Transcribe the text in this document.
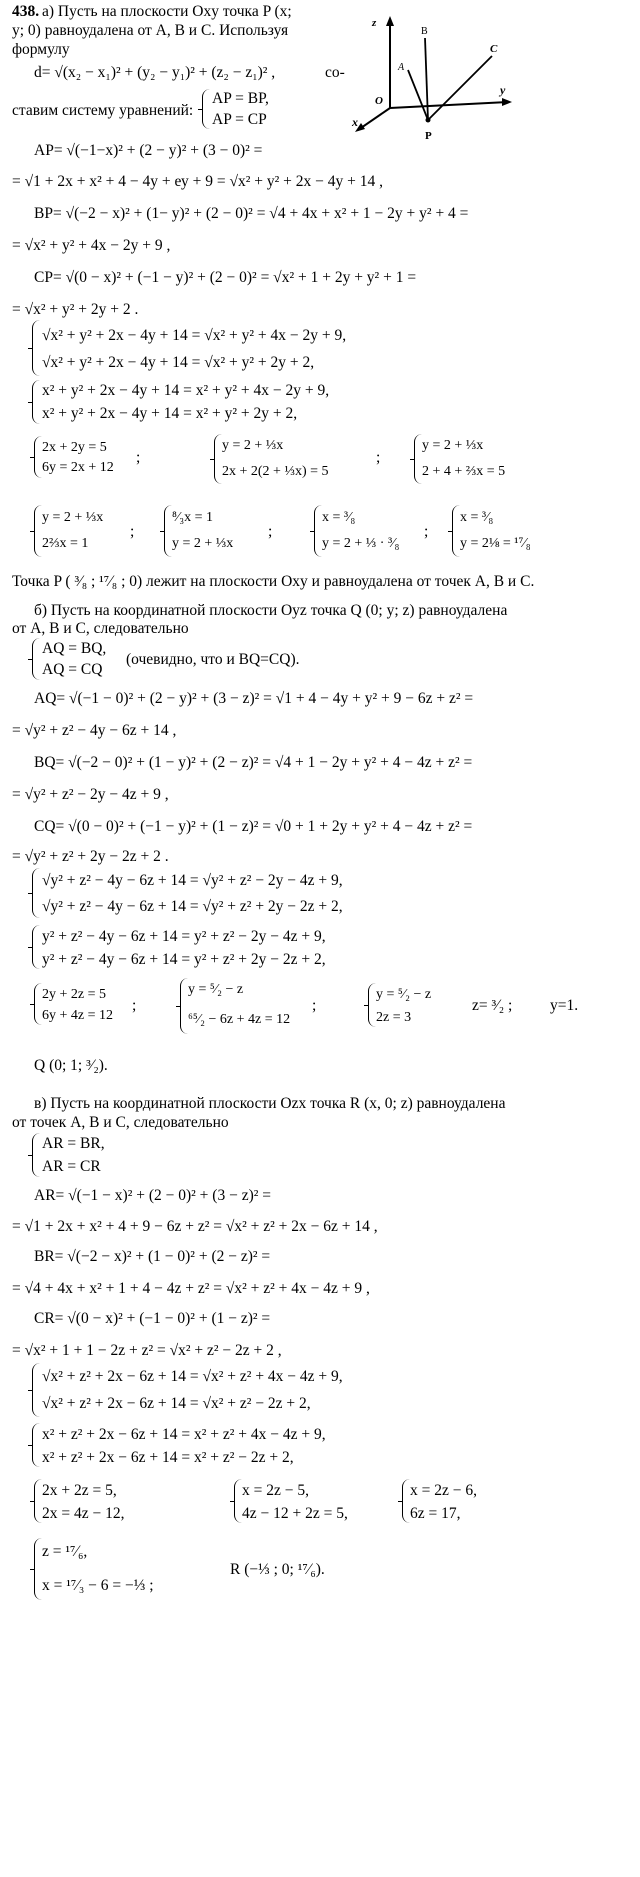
438. а) Пусть на плоскости Oxy точка P (x;
y; 0) равноудалена от A, B и C. Используя
формулу
d= √(x₂ − x₁)² + (y₂ − y₁)² + (z₂ − z₁)² ,	со-
ставим систему уравнений:
AP = BP,
AP = CP
z
y
x
O
A
B
C
P
AP= √(−1−x)² + (2 − y)² + (3 − 0)² =
= √1 + 2x + x² + 4 − 4y + еу + 9 = √x² + y² + 2x − 4y + 14 ,
BP= √(−2 − x)² + (1− y)² + (2 − 0)² = √4 + 4x + x² + 1 − 2y + y² + 4 =
= √x² + y² + 4x − 2y + 9 ,
CP= √(0 − x)² + (−1 − y)² + (2 − 0)² = √x² + 1 + 2y + y² + 1 =
= √x² + y² + 2y + 2 .
√x² + y² + 2x − 4y + 14 = √x² + y² + 4x − 2y + 9,
√x² + y² + 2x − 4y + 14 = √x² + y² + 2y + 2,
x² + y² + 2x − 4y + 14 = x² + y² + 4x − 2y + 9,
x² + y² + 2x − 4y + 14 = x² + y² + 2y + 2,
2x + 2y = 5
6y = 2x + 12
;
y = 2 + ⅓x
2x + 2(2 + ⅓x) = 5
;
y = 2 + ⅓x
2 + 4 + ⅔x = 5
y = 2 + ⅓x
2⅔x = 1
;
⁸⁄₃x = 1
y = 2 + ⅓x
;
x = ³⁄₈
y = 2 + ⅓ · ³⁄₈
;
x = ³⁄₈
y = 2⅛ = ¹⁷⁄₈
Точка P ( ³⁄₈ ; ¹⁷⁄₈ ; 0) лежит на плоскости Oxy и равноудалена от точек A, B и C.
б) Пусть на координатной плоскости Oyz точка Q (0; y; z) равноудалена
от A, B и C, следовательно
AQ = BQ,
AQ = CQ
(очевидно, что и BQ=CQ).
AQ= √(−1 − 0)² + (2 − y)² + (3 − z)² = √1 + 4 − 4y + y² + 9 − 6z + z² =
= √y² + z² − 4y − 6z + 14 ,
BQ= √(−2 − 0)² + (1 − y)² + (2 − z)² = √4 + 1 − 2y + y² + 4 − 4z + z² =
= √y² + z² − 2y − 4z + 9 ,
CQ= √(0 − 0)² + (−1 − y)² + (1 − z)² = √0 + 1 + 2y + y² + 4 − 4z + z² =
= √y² + z² + 2y − 2z + 2 .
√y² + z² − 4y − 6z + 14 = √y² + z² − 2y − 4z + 9,
√y² + z² − 4y − 6z + 14 = √y² + z² + 2y − 2z + 2,
y² + z² − 4y − 6z + 14 = y² + z² − 2y − 4z + 9,
y² + z² − 4y − 6z + 14 = y² + z² + 2y − 2z + 2,
2y + 2z = 5
6y + 4z = 12
;
y = ⁵⁄₂ − z
⁶⁵⁄₂ − 6z + 4z = 12
;
y = ⁵⁄₂ − z
2z = 3
z= ³⁄₂ ; y=1.
Q (0; 1; ³⁄₂).
в) Пусть на координатной плоскости Ozx точка R (x, 0; z) равноудалена
от точек A, B и C, следовательно
AR = BR,
AR = CR
AR= √(−1 − x)² + (2 − 0)² + (3 − z)² =
= √1 + 2x + x² + 4 + 9 − 6z + z² = √x² + z² + 2x − 6z + 14 ,
BR= √(−2 − x)² + (1 − 0)² + (2 − z)² =
= √4 + 4x + x² + 1 + 4 − 4z + z² = √x² + z² + 4x − 4z + 9 ,
CR= √(0 − x)² + (−1 − 0)² + (1 − z)² =
= √x² + 1 + 1 − 2z + z² = √x² + z² − 2z + 2 ,
√x² + z² + 2x − 6z + 14 = √x² + z² + 4x − 4z + 9,
√x² + z² + 2x − 6z + 14 = √x² + z² − 2z + 2,
x² + z² + 2x − 6z + 14 = x² + z² + 4x − 4z + 9,
x² + z² + 2x − 6z + 14 = x² + z² − 2z + 2,
2x + 2z = 5,
2x = 4z − 12,
x = 2z − 5,
4z − 12 + 2z = 5,
x = 2z − 6,
6z = 17,
z = ¹⁷⁄₆,
x = ¹⁷⁄₃ − 6 = −⅓ ;
R (−⅓ ; 0; ¹⁷⁄₆).
